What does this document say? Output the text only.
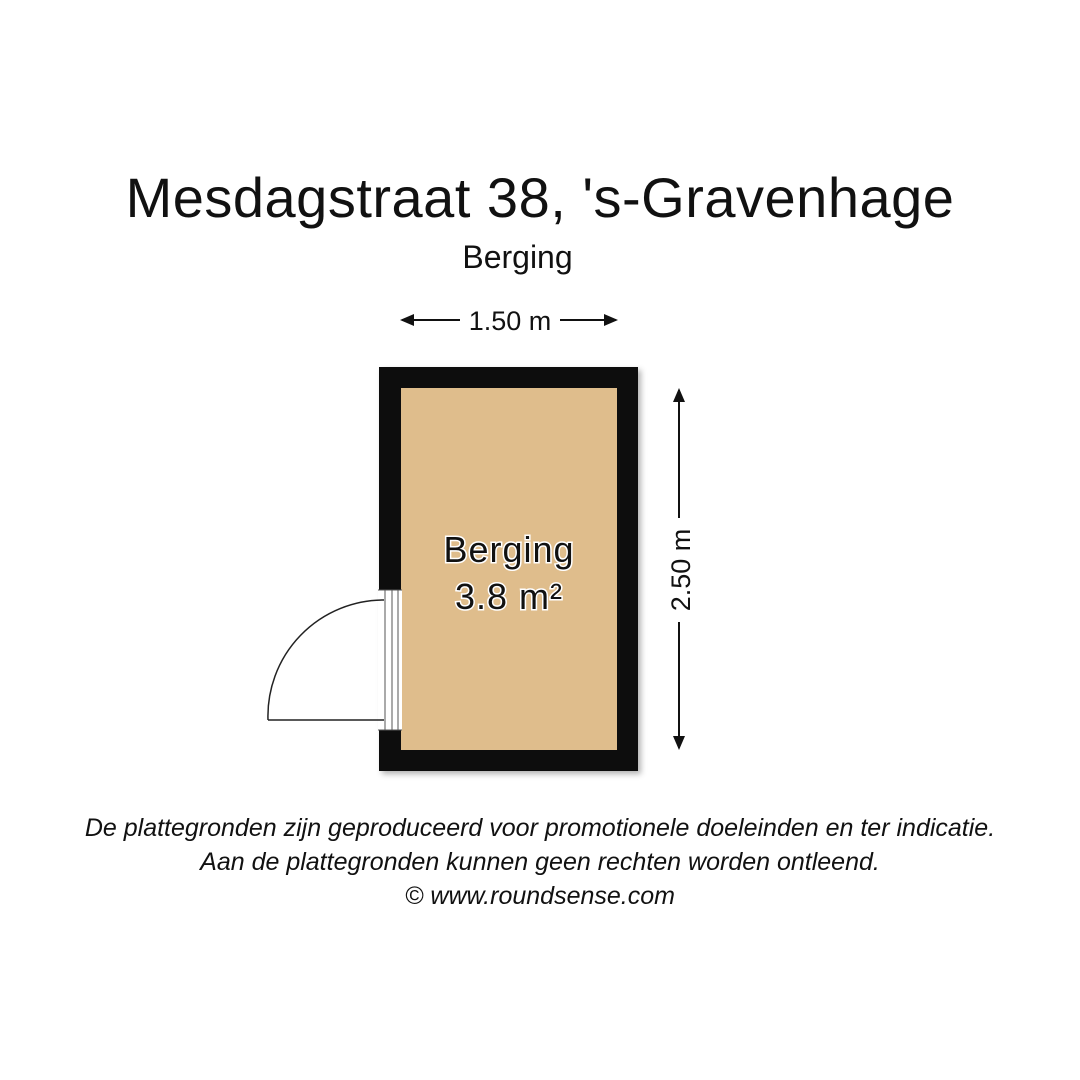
Mesdagstraat 38, 's-Gravenhage
Berging
1.50 m
2.50 m
Berging
3.8 m²
De plattegronden zijn geproduceerd voor promotionele doeleinden en ter indicatie.
Aan de plattegronden kunnen geen rechten worden ontleend.
© www.roundsense.com
